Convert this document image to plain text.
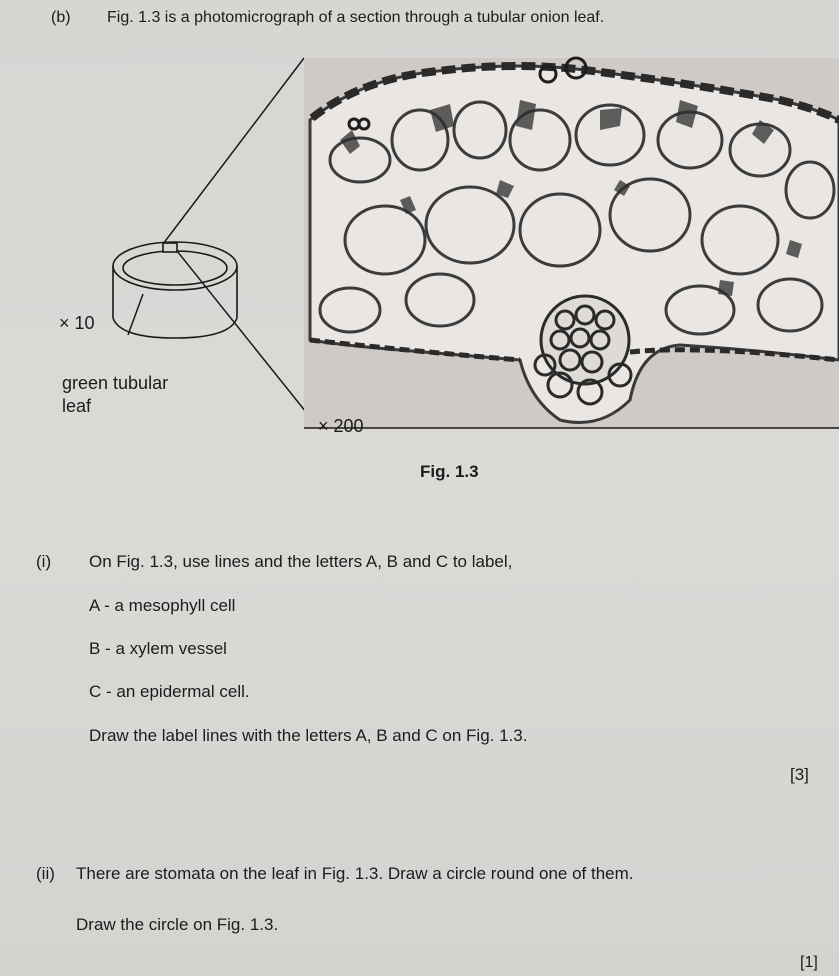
(b) Fig. 1.3 is a photomicrograph of a section through a tubular onion leaf.
× 10
green tubular
leaf
× 200
Fig. 1.3
(i) On Fig. 1.3, use lines and the letters A, B and C to label,
A - a mesophyll cell
B - a xylem vessel
C - an epidermal cell.
Draw the label lines with the letters A, B and C on Fig. 1.3.
[3]
(ii) There are stomata on the leaf in Fig. 1.3. Draw a circle round one of them.
Draw the circle on Fig. 1.3.
[1]
